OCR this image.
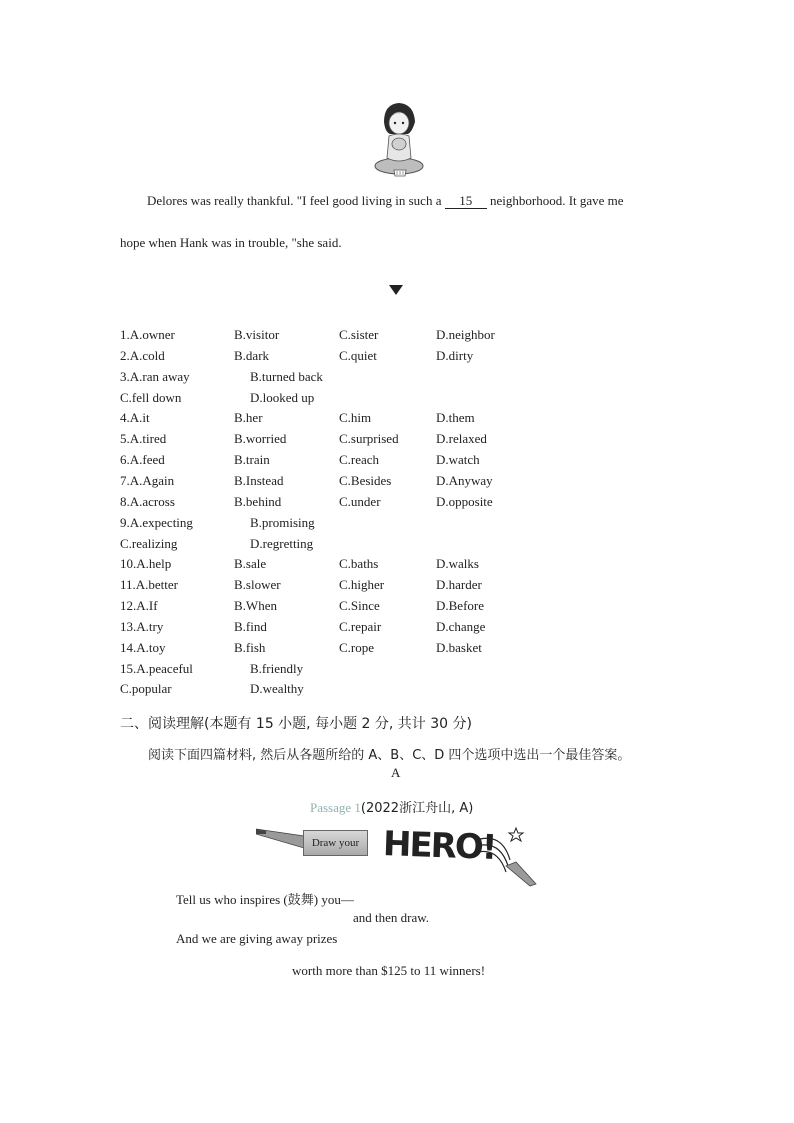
Delores was really thankful. "I feel good living in such a 15 neighborhood. It gave me
hope when Hank was in trouble, "she said.
1.A.owner	B.visitor	C.sister	D.neighbor
2.A.cold	B.dark	C.quiet	D.dirty
3.A.ran away	B.turned back
C.fell down	D.looked up
4.A.it	B.her	C.him	D.them
5.A.tired	B.worried	C.surprised	D.relaxed
6.A.feed	B.train	C.reach	D.watch
7.A.Again	B.Instead	C.Besides	D.Anyway
8.A.across	B.behind	C.under	D.opposite
9.A.expecting	B.promising
C.realizing	D.regretting
10.A.help	B.sale	C.baths	D.walks
11.A.better	B.slower	C.higher	D.harder
12.A.If	B.When	C.Since	D.Before
13.A.try	B.find	C.repair	D.change
14.A.toy	B.fish	C.rope	D.basket
15.A.peaceful	B.friendly
C.popular	D.wealthy
二、阅读理解(本题有 15 小题, 每小题 2 分, 共计 30 分)
阅读下面四篇材料, 然后从各题所给的 A、B、C、D 四个选项中选出一个最佳答案。
A
Passage 1(2022浙江舟山, A)
Draw your HERO!
Tell us who inspires (鼓舞) you—
and then draw.
And we are giving away prizes
worth more than $125 to 11 winners!
